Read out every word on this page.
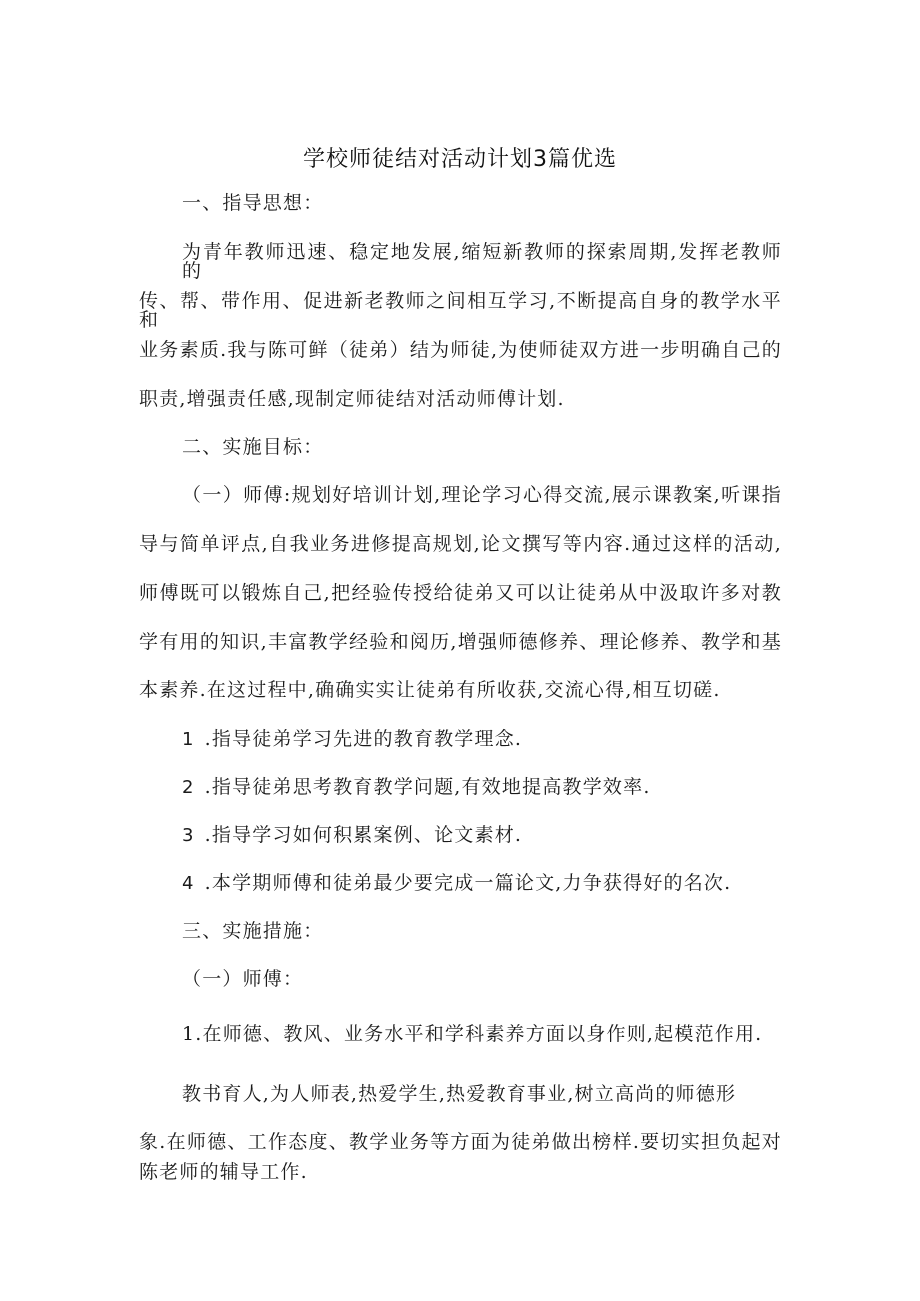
学校师徒结对活动计划3篇优选
一、指导思想：
为青年教师迅速、稳定地发展,缩短新教师的探索周期,发挥老教师的
传、帮、带作用、促进新老教师之间相互学习,不断提高自身的教学水平和
业务素质.我与陈可鲜（徒弟）结为师徒,为使师徒双方进一步明确自己的
职责,增强责任感,现制定师徒结对活动师傅计划.
二、实施目标：
（一）师傅:规划好培训计划,理论学习心得交流,展示课教案,听课指
导与简单评点,自我业务进修提高规划,论文撰写等内容.通过这样的活动,
师傅既可以锻炼自己,把经验传授给徒弟又可以让徒弟从中汲取许多对教
学有用的知识,丰富教学经验和阅历,增强师德修养、理论修养、教学和基
本素养.在这过程中,确确实实让徒弟有所收获,交流心得,相互切磋.
1 .指导徒弟学习先进的教育教学理念.
2 .指导徒弟思考教育教学问题,有效地提高教学效率.
3 .指导学习如何积累案例、论文素材.
4 .本学期师傅和徒弟最少要完成一篇论文,力争获得好的名次.
三、实施措施：
（一）师傅：
1.在师德、教风、业务水平和学科素养方面以身作则,起模范作用.
教书育人,为人师表,热爱学生,热爱教育事业,树立高尚的师德形
象.在师德、工作态度、教学业务等方面为徒弟做出榜样.要切实担负起对
陈老师的辅导工作.
